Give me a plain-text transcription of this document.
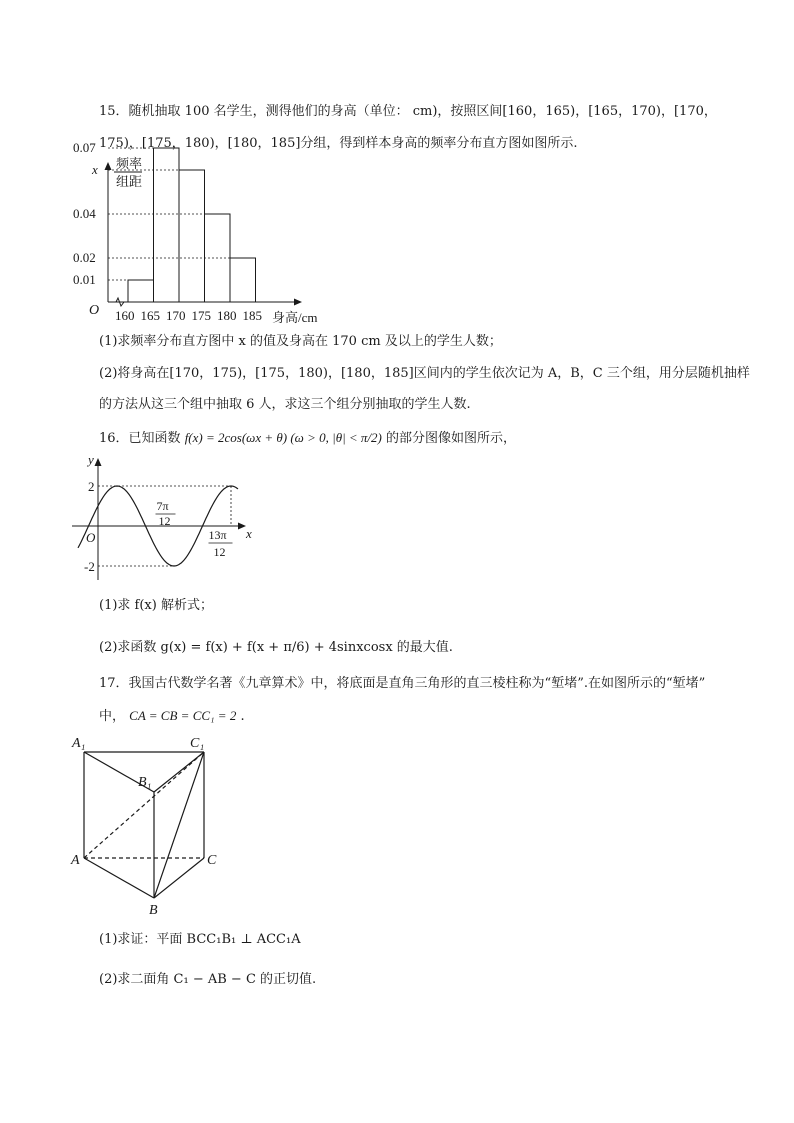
15．随机抽取 100 名学生，测得他们的身高（单位： cm)，按照区间[160，165)，[165，170)，[170，
175)，[175，180)，[180，185]分组，得到样本身高的频率分布直方图如图所示.
0.01
0.07
x
0.04
0.02
160 165 170 175 180 185
O	身高/cm
频率
组距
(1)求频率分布直方图中 x 的值及身高在 170 cm 及以上的学生人数；
(2)将身高在[170，175)，[175，180)，[180，185]区间内的学生依次记为 A，B，C 三个组，用分层随机抽样
的方法从这三个组中抽取 6 人，求这三个组分别抽取的学生人数.
16．已知函数 f(x) = 2cos(ωx + θ) (ω > 0, |θ| < π/2) 的部分图像如图所示，
y
x
O
2
-2
7π
12
13π
12
(1)求 f(x) 解析式；
(2)求函数 g(x) = f(x) + f(x + π/6) + 4sinxcosx 的最大值.
17．我国古代数学名著《九章算术》中，将底面是直角三角形的直三棱柱称为“堑堵”.在如图所示的“堑堵”
中， CA = CB = CC₁ = 2 .
A₁	C₁
B₁
A	C
B
(1)求证：平面 BCC₁B₁ ⊥ ACC₁A
(2)求二面角 C₁ − AB − C 的正切值.
